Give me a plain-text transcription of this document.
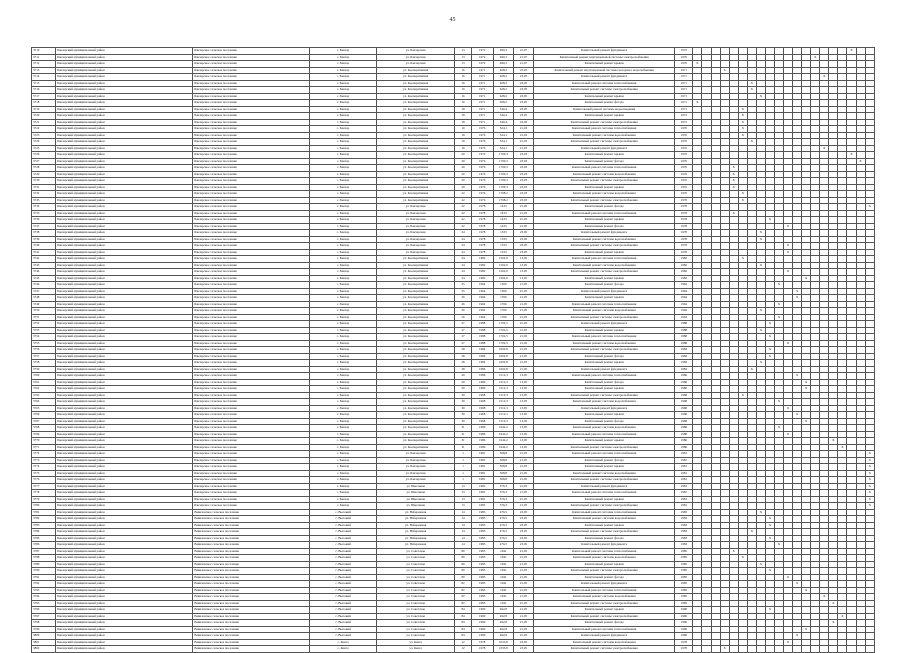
45
3710	Бакчарский муниципальный район	Бакчарское сельское поселение	с. Бакчар	ул. Бакчарская	13	1972	490,3	21,07	Капитальный ремонт фундамента	1973																		X		
3711	Бакчарский муниципальный район	Бакчарское сельское поселение	с. Бакчар	ул. Бакчарская	13	1972	490,3	21,07	Капитальный ремонт внутридомовой системы электроснабжения	1976														X						
3712	Бакчарский муниципальный район	Бакчарское сельское поселение	с. Бакчар	ул. Бакчарская	13	1972	490,3	21,07	Капитальный ремонт крыши	1976	X																			
3713	Бакчарский муниципальный район	Бакчарское сельское поселение	с. Бакчар	ул. Кооперативная	16	1971	628,2	23,05	Капитальный ремонт внутридомовой системы холодного водоснабжения	1971				X																
3714	Бакчарский муниципальный район	Бакчарское сельское поселение	с. Бакчар	ул. Кооперативная	16	1971	628,2	23,05	Капитальный ремонт фундамента	1971															X					
3715	Бакчарский муниципальный район	Бакчарское сельское поселение	с. Бакчар	ул. Кооперативная	16	1971	628,2	23,05	Капитальный ремонт системы теплоснабжения	1971							X													
3716	Бакчарский муниципальный район	Бакчарское сельское поселение	с. Бакчар	ул. Кооперативная	16	1971	628,2	23,05	Капитальный ремонт системы электроснабжения	1971							X													
3717	Бакчарский муниципальный район	Бакчарское сельское поселение	с. Бакчар	ул. Кооперативная	16	1971	628,2	23,05	Капитальный ремонт крыши	1971								X												
3718	Бакчарский муниципальный район	Бакчарское сельское поселение	с. Бакчар	ул. Кооперативная	16	1971	628,2	23,05	Капитальный ремонт фасада	1971	X																			
3719	Бакчарский муниципальный район	Бакчарское сельское поселение	с. Бакчар	ул. Кооперативная	18	1971	540,4	23,05	Капитальный ремонт системы водоотведения	1971						X														
3720	Бакчарский муниципальный район	Бакчарское сельское поселение	с. Бакчар	ул. Кооперативная	18	1971	540,4	23,05	Капитальный ремонт крыши	1972						X														
3721	Бакчарский муниципальный район	Бакчарское сельское поселение	с. Бакчар	ул. Кооперативная	18	1971	540,4	23,05	Капитальный ремонт системы электроснабжения	1972						X														
3722	Бакчарский муниципальный район	Бакчарское сельское поселение	с. Бакчар	ул. Кооперативная	19	1976	524,1	21,03	Капитальный ремонт системы теплоснабжения	1976						X														
3723	Бакчарский муниципальный район	Бакчарское сельское поселение	с. Бакчар	ул. Кооперативная	19	1976	524,1	21,03	Капитальный ремонт системы водоснабжения	1976						X														
3724	Бакчарский муниципальный район	Бакчарское сельское поселение	с. Бакчар	ул. Кооперативная	19	1976	524,1	21,03	Капитальный ремонт системы электроснабжения	1976							X													
3725	Бакчарский муниципальный район	Бакчарское сельское поселение	с. Бакчар	ул. Кооперативная	19	1976	524,1	21,03	Капитальный ремонт фундамента	1976															X					
3726	Бакчарский муниципальный район	Бакчарское сельское поселение	с. Бакчар	ул. Кооперативная	20	1976	1700,3	23,03	Капитальный ремонт крыши	1976																		X		
3727	Бакчарский муниципальный район	Бакчарское сельское поселение	с. Бакчар	ул. Кооперативная	20	1976	1700,3	23,03	Капитальный ремонт фасада	1976																			X	
3728	Бакчарский муниципальный район	Бакчарское сельское поселение	с. Бакчар	ул. Кооперативная	20	1976	1700,3	23,03	Капитальный ремонт системы теплоснабжения	1976					X															
3729	Бакчарский муниципальный район	Бакчарское сельское поселение	с. Бакчар	ул. Кооперативная	20	1976	1700,3	23,03	Капитальный ремонт системы водоснабжения	1976					X															
3730	Бакчарский муниципальный район	Бакчарское сельское поселение	с. Бакчар	ул. Кооперативная	20	1976	1700,3	23,03	Капитальный ремонт системы электроснабжения	1976					X															
3731	Бакчарский муниципальный район	Бакчарское сельское поселение	с. Бакчар	ул. Кооперативная	20	1976	1700,3	23,03	Капитальный ремонт крыши	1976					X															
3732	Бакчарский муниципальный район	Бакчарское сельское поселение	с. Бакчар	ул. Кооперативная	22	1976	1708,2	23,03	Капитальный ремонт системы водоснабжения	1976						X														
3733	Бакчарский муниципальный район	Бакчарское сельское поселение	с. Бакчар	ул. Кооперативная	22	1976	1708,2	23,03	Капитальный ремонт системы электроснабжения	1976						X														
3734	Бакчарский муниципальный район	Бакчарское сельское поселение	с. Бакчар	ул. Бакчарская	22	1978	1433	21,05	Капитальный ремонт фасада	1978																				X
3735	Бакчарский муниципальный район	Бакчарское сельское поселение	с. Бакчар	ул. Бакчарская	22	1978	1433	21,05	Капитальный ремонт системы теплоснабжения	1978					X															
3736	Бакчарский муниципальный район	Бакчарское сельское поселение	с. Бакчар	ул. Бакчарская	22	1978	1433	21,05	Капитальный ремонт крыши	1978									X											
3737	Бакчарский муниципальный район	Бакчарское сельское поселение	с. Бакчар	ул. Бакчарская	22	1978	1433	21,05	Капитальный ремонт фасада	1978											X									
3738	Бакчарский муниципальный район	Бакчарское сельское поселение	с. Бакчар	ул. Бакчарская	24	1978	1333	23,05	Капитальный ремонт фундамента	1978								X												
3739	Бакчарский муниципальный район	Бакчарское сельское поселение	с. Бакчар	ул. Бакчарская	24	1978	1333	23,05	Капитальный ремонт системы водоснабжения	1978								X												
3740	Бакчарский муниципальный район	Бакчарское сельское поселение	с. Бакчар	ул. Бакчарская	24	1978	1333	23,05	Капитальный ремонт системы электроснабжения	1978											X									
3741	Бакчарский муниципальный район	Бакчарское сельское поселение	с. Бакчар	ул. Бакчарская	24	1978	1333	23,05	Капитальный ремонт крыши	1978											X									
3742	Бакчарский муниципальный район	Бакчарское сельское поселение	с. Бакчар	ул. Кооперативная	24	1982	1562,9	13,05	Капитальный ремонт системы теплоснабжения	1982						X														
3743	Бакчарский муниципальный район	Бакчарское сельское поселение	с. Бакчар	ул. Кооперативная	24	1982	1562,9	13,05	Капитальный ремонт системы водоснабжения	1982								X												
3744	Бакчарский муниципальный район	Бакчарское сельское поселение	с. Бакчар	ул. Кооперативная	24	1982	1562,9	13,05	Капитальный ремонт системы электроснабжения	1982											X									
3745	Бакчарский муниципальный район	Бакчарское сельское поселение	с. Бакчар	ул. Кооперативная	24	1982	1562,9	13,05	Капитальный ремонт крыши	1982													X							
3746	Бакчарский муниципальный район	Бакчарское сельское поселение	с. Бакчар	ул. Кооперативная	25	1964	1560	21,05	Капитальный ремонт фасада	1964										X										
3747	Бакчарский муниципальный район	Бакчарское сельское поселение	с. Бакчар	ул. Кооперативная	25	1964	1560	21,05	Капитальный ремонт фундамента	1964												X								
3748	Бакчарский муниципальный район	Бакчарское сельское поселение	с. Бакчар	ул. Кооперативная	26	1964	1766	21,05	Капитальный ремонт крыши	1964												X								
3749	Бакчарский муниципальный район	Бакчарское сельское поселение	с. Бакчар	ул. Кооперативная	26	1964	1766	21,05	Капитальный ремонт системы теплоснабжения	1964										X										
3750	Бакчарский муниципальный район	Бакчарское сельское поселение	с. Бакчар	ул. Кооперативная	26	1964	1766	21,05	Капитальный ремонт системы водоснабжения	1964								X												
3751	Бакчарский муниципальный район	Бакчарское сельское поселение	с. Бакчар	ул. Кооперативная	26	1964	1766	21,05	Капитальный ремонт системы электроснабжения	1964										X										
3752	Бакчарский муниципальный район	Бакчарское сельское поселение	с. Бакчар	ул. Кооперативная	27	1988	1702,5	21,05	Капитальный ремонт фундамента	1988									X											
3753	Бакчарский муниципальный район	Бакчарское сельское поселение	с. Бакчар	ул. Кооперативная	27	1988	1702,5	21,05	Капитальный ремонт крыши	1988								X												
3754	Бакчарский муниципальный район	Бакчарское сельское поселение	с. Бакчар	ул. Кооперативная	27	1988	1702,5	21,05	Капитальный ремонт системы теплоснабжения	1988									X											
3755	Бакчарский муниципальный район	Бакчарское сельское поселение	с. Бакчар	ул. Кооперативная	27	1988	1702,5	21,05	Капитальный ремонт системы водоснабжения	1988											X									
3756	Бакчарский муниципальный район	Бакчарское сельское поселение	с. Бакчар	ул. Кооперативная	28	1984	1602,8	21,05	Капитальный ремонт системы электроснабжения	1984									X											
3757	Бакчарский муниципальный район	Бакчарское сельское поселение	с. Бакчар	ул. Кооперативная	28	1984	1602,8	21,05	Капитальный ремонт фасада	1984									X											
3758	Бакчарский муниципальный район	Бакчарское сельское поселение	с. Бакчар	ул. Кооперативная	28	1984	1602,8	21,05	Капитальный ремонт крыши	1984								X												
3759	Бакчарский муниципальный район	Бакчарское сельское поселение	с. Бакчар	ул. Кооперативная	28	1984	1602,8	21,05	Капитальный ремонт фундамента	1984							X													
3760	Бакчарский муниципальный район	Бакчарское сельское поселение	с. Бакчар	ул. Кооперативная	29	1986	1512,3	13,05	Капитальный ремонт системы теплоснабжения	1986												X								
3761	Бакчарский муниципальный район	Бакчарское сельское поселение	с. Бакчар	ул. Кооперативная	29	1986	1512,3	13,05	Капитальный ремонт фасада	1986													X							
3762	Бакчарский муниципальный район	Бакчарское сельское поселение	с. Бакчар	ул. Кооперативная	29	1986	1512,3	13,05	Капитальный ремонт крыши	1986													X							
3763	Бакчарский муниципальный район	Бакчарское сельское поселение	с. Бакчар	ул. Кооперативная	30	1968	1512,3	13,05	Капитальный ремонт системы электроснабжения	1968						X														
3764	Бакчарский муниципальный район	Бакчарское сельское поселение	с. Бакчар	ул. Кооперативная	30	1968	1512,3	13,05	Капитальный ремонт системы водоснабжения	1968										X										
3765	Бакчарский муниципальный район	Бакчарское сельское поселение	с. Бакчар	ул. Кооперативная	30	1968	1512,3	13,05	Капитальный ремонт фундамента	1968											X									
3766	Бакчарский муниципальный район	Бакчарское сельское поселение	с. Бакчар	ул. Кооперативная	30	1968	1512,3	13,05	Капитальный ремонт крыши	1968												X								
3767	Бакчарский муниципальный район	Бакчарское сельское поселение	с. Бакчар	ул. Кооперативная	30	1968	1512,3	13,05	Капитальный ремонт фасада	1968													X							
3768	Бакчарский муниципальный район	Бакчарское сельское поселение	с. Бакчар	ул. Кооперативная	31	1986	1942,2	13,05	Капитальный ремонт системы водоснабжения	1986										X										
3769	Бакчарский муниципальный район	Бакчарское сельское поселение	с. Бакчар	ул. Кооперативная	31	1986	1942,2	13,05	Капитальный ремонт системы теплоснабжения	1986											X									
3770	Бакчарский муниципальный район	Бакчарское сельское поселение	с. Бакчар	ул. Кооперативная	31	1986	1942,2	13,05	Капитальный ремонт крыши	1986																X				
3771	Бакчарский муниципальный район	Бакчарское сельское поселение	с. Бакчар	ул. Кооперативная	31	1986	1942,2	13,05	Капитальный ремонт системы электроснабжения	1986																	X			
3772	Бакчарский муниципальный район	Бакчарское сельское поселение	с. Бакчар	ул. Бакчарская	1	1981	508,8	21,05	Капитальный ремонт системы теплоснабжения	1981																				X
3773	Бакчарский муниципальный район	Бакчарское сельское поселение	с. Бакчар	ул. Бакчарская	1	1981	508,8	21,05	Капитальный ремонт фасада	1981																				X
3774	Бакчарский муниципальный район	Бакчарское сельское поселение	с. Бакчар	ул. Бакчарская	1	1981	508,8	21,05	Капитальный ремонт крыши	1981																				X
3775	Бакчарский муниципальный район	Бакчарское сельское поселение	с. Бакчар	ул. Бакчарская	1	1981	508,8	21,05	Капитальный ремонт системы водоснабжения	1981																				X
3776	Бакчарский муниципальный район	Бакчарское сельское поселение	с. Бакчар	ул. Бакчарская	1	1981	508,8	21,05	Капитальный ремонт системы электроснабжения	1981																				X
3777	Бакчарский муниципальный район	Бакчарское сельское поселение	с. Бакчар	ул. Школьная	13	1981	376,3	21,05	Капитальный ремонт фундамента	1981																				X
3778	Бакчарский муниципальный район	Бакчарское сельское поселение	с. Бакчар	ул. Школьная	13	1981	376,3	21,05	Капитальный ремонт системы теплоснабжения	1981																				X
3779	Бакчарский муниципальный район	Бакчарское сельское поселение	с. Бакчар	ул. Школьная	13	1981	376,3	21,05	Капитальный ремонт крыши	1981																				X
3780	Бакчарский муниципальный район	Бакчарское сельское поселение	с. Бакчар	ул. Школьная	13	1981	376,3	21,05	Капитальный ремонт системы электроснабжения	1981																				X
3781	Бакчарский муниципальный район	Вавиловское сельское поселение	с. Высокий	ул. Набережная	14	1983	476,5	23,05	Капитальный ремонт системы теплоснабжения	1983								X												
3782	Бакчарский муниципальный район	Вавиловское сельское поселение	с. Высокий	ул. Набережная	14	1983	476,5	23,05	Капитальный ремонт системы водоснабжения	1983									X											
3783	Бакчарский муниципальный район	Вавиловское сельское поселение	с. Высокий	ул. Набережная	14	1983	476,5	23,05	Капитальный ремонт крыши	1983									X											
3784	Бакчарский муниципальный район	Вавиловское сельское поселение	с. Высокий	ул. Набережная	14	1983	476,5	23,05	Капитальный ремонт системы электроснабжения	1983							X													
3785	Бакчарский муниципальный район	Вавиловское сельское поселение	с. Высокий	ул. Набережная	14	1983	476,5	23,05	Капитальный ремонт фасада	1983									X											
3786	Бакчарский муниципальный район	Вавиловское сельское поселение	с. Высокий	ул. Набережная	14	1983	476,5	23,05	Капитальный ремонт фундамента	1983										X										
3787	Бакчарский муниципальный район	Вавиловское сельское поселение	с. Высокий	ул. Советская	80	1985	1041	21,05	Капитальный ремонт системы теплоснабжения	1985					X															
3788	Бакчарский муниципальный район	Вавиловское сельское поселение	с. Высокий	ул. Советская	80	1985	1041	21,05	Капитальный ремонт системы водоснабжения	1985						X														
3789	Бакчарский муниципальный район	Вавиловское сельское поселение	с. Высокий	ул. Советская	80	1985	1041	21,05	Капитальный ремонт крыши	1985								X												
3790	Бакчарский муниципальный район	Вавиловское сельское поселение	с. Высокий	ул. Советская	80	1985	1041	21,05	Капитальный ремонт системы электроснабжения	1985									X											
3791	Бакчарский муниципальный район	Вавиловское сельское поселение	с. Высокий	ул. Советская	80	1985	1041	21,05	Капитальный ремонт фасада	1985											X									
3792	Бакчарский муниципальный район	Вавиловское сельское поселение	с. Высокий	ул. Советская	82	1985	1041	21,05	Капитальный ремонт фундамента	1985												X								
3793	Бакчарский муниципальный район	Вавиловское сельское поселение	с. Высокий	ул. Советская	82	1985	1041	21,05	Капитальный ремонт системы теплоснабжения	1985													X							
3794	Бакчарский муниципальный район	Вавиловское сельское поселение	с. Высокий	ул. Советская	82	1985	1041	21,05	Капитальный ремонт системы водоснабжения	1985															X					
3795	Бакчарский муниципальный район	Вавиловское сельское поселение	с. Высокий	ул. Советская	82	1985	1041	21,05	Капитальный ремонт системы электроснабжения	1985																X				
3796	Бакчарский муниципальный район	Вавиловское сельское поселение	с. Высокий	ул. Советская	84	1990	492,8	21,05	Капитальный ремонт крыши	1990									X											
3797	Бакчарский муниципальный район	Вавиловское сельское поселение	с. Высокий	ул. Советская	84	1990	492,8	21,05	Капитальный ремонт системы электроснабжения	1990																	X			
3798	Бакчарский муниципальный район	Вавиловское сельское поселение	с. Высокий	ул. Советская	84	1990	492,8	21,05	Капитальный ремонт фасада	1990																X				
3799	Бакчарский муниципальный район	Вавиловское сельское поселение	с. Высокий	ул. Советская	84	1990	492,8	21,05	Капитальный ремонт системы теплоснабжения	1990													X							
3800	Бакчарский муниципальный район	Вавиловское сельское поселение	с. Высокий	ул. Советская	84	1990	492,8	21,05	Капитальный ремонт фундамента	1990												X								
3801	Бакчарский муниципальный район	Вавиловское сельское поселение	с. Кенга	ул. Кенга	12	1978	1033,8	23,05	Капитальный ремонт системы водоснабжения	1978											X									
3802	Бакчарский муниципальный район	Вавиловское сельское поселение	с. Кенга	ул. Кенга	12	1978	1033,8	23,05	Капитальный ремонт системы электроснабжения	1978				X																
